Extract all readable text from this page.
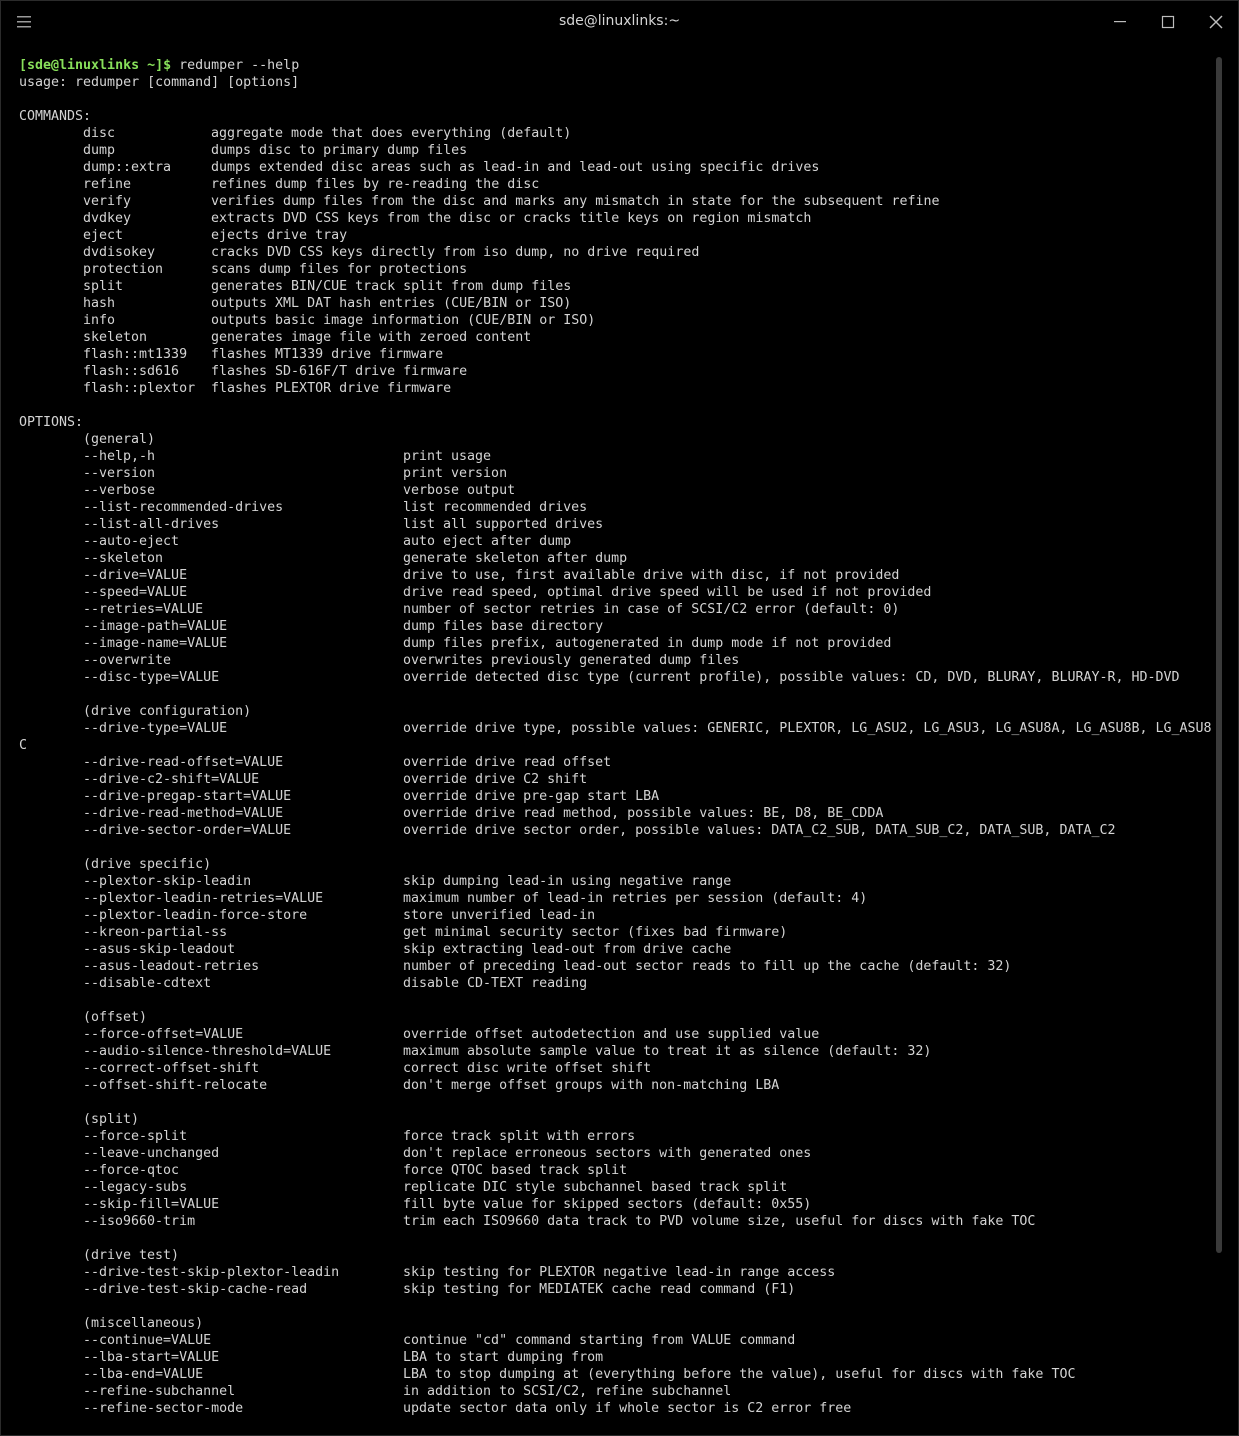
sde@linuxlinks:~
[sde@linuxlinks ~]$ redumper --help
usage: redumper [command] [options]
COMMANDS:
disc	aggregate mode that does everything (default)
dump	dumps disc to primary dump files
dump::extra	dumps extended disc areas such as lead-in and lead-out using specific drives
refine	refines dump files by re-reading the disc
verify	verifies dump files from the disc and marks any mismatch in state for the subsequent refine
dvdkey	extracts DVD CSS keys from the disc or cracks title keys on region mismatch
eject	ejects drive tray
dvdisokey	cracks DVD CSS keys directly from iso dump, no drive required
protection	scans dump files for protections
split	generates BIN/CUE track split from dump files
hash	outputs XML DAT hash entries (CUE/BIN or ISO)
info	outputs basic image information (CUE/BIN or ISO)
skeleton	generates image file with zeroed content
flash::mt1339 flashes MT1339 drive firmware
flash::sd616 flashes SD-616F/T drive firmware
flash::plextor flashes PLEXTOR drive firmware
OPTIONS:
(general)
--help,-h	print usage
--version	print version
--verbose	verbose output
--list-recommended-drives	list recommended drives
--list-all-drives	list all supported drives
--auto-eject	auto eject after dump
--skeleton	generate skeleton after dump
--drive=VALUE	drive to use, first available drive with disc, if not provided
--speed=VALUE	drive read speed, optimal drive speed will be used if not provided
--retries=VALUE	number of sector retries in case of SCSI/C2 error (default: 0)
--image-path=VALUE	dump files base directory
--image-name=VALUE	dump files prefix, autogenerated in dump mode if not provided
--overwrite	overwrites previously generated dump files
--disc-type=VALUE	override detected disc type (current profile), possible values: CD, DVD, BLURAY, BLURAY-R, HD-DVD
(drive configuration)
--drive-type=VALUE	override drive type, possible values: GENERIC, PLEXTOR, LG_ASU2, LG_ASU3, LG_ASU8A, LG_ASU8B, LG_ASU8
C
--drive-read-offset=VALUE	override drive read offset
--drive-c2-shift=VALUE	override drive C2 shift
--drive-pregap-start=VALUE	override drive pre-gap start LBA
--drive-read-method=VALUE	override drive read method, possible values: BE, D8, BE_CDDA
--drive-sector-order=VALUE	override drive sector order, possible values: DATA_C2_SUB, DATA_SUB_C2, DATA_SUB, DATA_C2
(drive specific)
--plextor-skip-leadin	skip dumping lead-in using negative range
--plextor-leadin-retries=VALUE	maximum number of lead-in retries per session (default: 4)
--plextor-leadin-force-store	store unverified lead-in
--kreon-partial-ss	get minimal security sector (fixes bad firmware)
--asus-skip-leadout	skip extracting lead-out from drive cache
--asus-leadout-retries	number of preceding lead-out sector reads to fill up the cache (default: 32)
--disable-cdtext	disable CD-TEXT reading
(offset)
--force-offset=VALUE	override offset autodetection and use supplied value
--audio-silence-threshold=VALUE	maximum absolute sample value to treat it as silence (default: 32)
--correct-offset-shift	correct disc write offset shift
--offset-shift-relocate	don't merge offset groups with non-matching LBA
(split)
--force-split	force track split with errors
--leave-unchanged	don't replace erroneous sectors with generated ones
--force-qtoc	force QTOC based track split
--legacy-subs	replicate DIC style subchannel based track split
--skip-fill=VALUE	fill byte value for skipped sectors (default: 0x55)
--iso9660-trim	trim each ISO9660 data track to PVD volume size, useful for discs with fake TOC
(drive test)
--drive-test-skip-plextor-leadin	skip testing for PLEXTOR negative lead-in range access
--drive-test-skip-cache-read	skip testing for MEDIATEK cache read command (F1)
(miscellaneous)
--continue=VALUE	continue "cd" command starting from VALUE command
--lba-start=VALUE	LBA to start dumping from
--lba-end=VALUE	LBA to stop dumping at (everything before the value), useful for discs with fake TOC
--refine-subchannel	in addition to SCSI/C2, refine subchannel
--refine-sector-mode	update sector data only if whole sector is C2 error free
